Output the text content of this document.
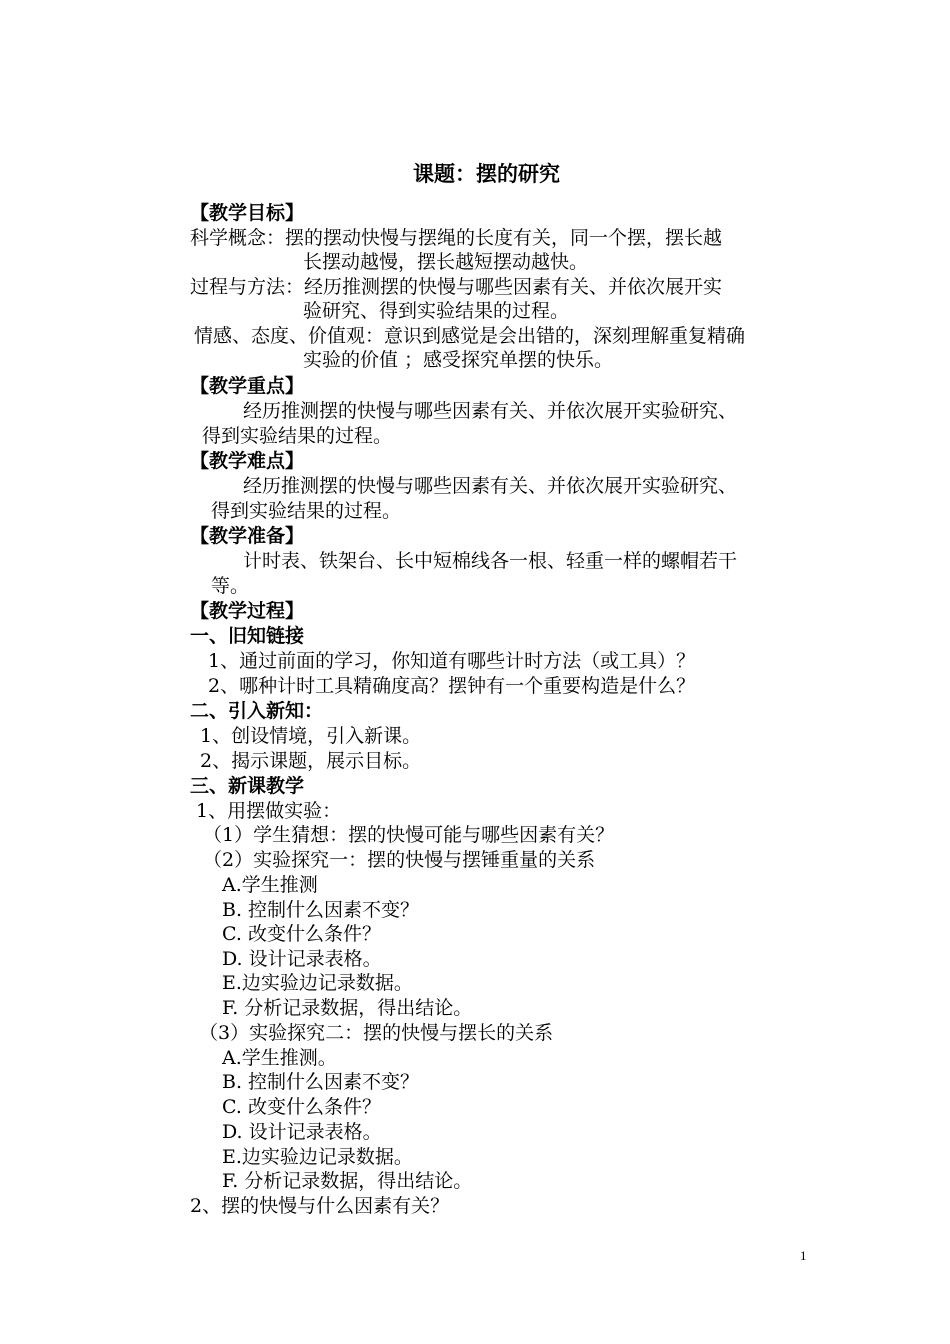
课题：摆的研究
【教学目标】
科学概念：摆的摆动快慢与摆绳的长度有关，同一个摆，摆长越
长摆动越慢，摆长越短摆动越快。
过程与方法：经历推测摆的快慢与哪些因素有关、并依次展开实
验研究、得到实验结果的过程。
情感、态度、价值观：意识到感觉是会出错的，深刻理解重复精确
实验的价值 ；感受探究单摆的快乐。
【教学重点】
经历推测摆的快慢与哪些因素有关、并依次展开实验研究、
得到实验结果的过程。
【教学难点】
经历推测摆的快慢与哪些因素有关、并依次展开实验研究、
得到实验结果的过程。
【教学准备】
计时表、铁架台、长中短棉线各一根、轻重一样的螺帽若干
等。
【教学过程】
一、旧知链接
1、通过前面的学习，你知道有哪些计时方法（或工具）？
2、哪种计时工具精确度高？摆钟有一个重要构造是什么？
二、引入新知：
1、创设情境，引入新课。
2、揭示课题，展示目标。
三、新课教学
1、用摆做实验：
（1）学生猜想：摆的快慢可能与哪些因素有关？
（2）实验探究一：摆的快慢与摆锤重量的关系
A.学生推测
B. 控制什么因素不变？
C. 改变什么条件？
D. 设计记录表格。
E.边实验边记录数据。
F. 分析记录数据，得出结论。
（3）实验探究二：摆的快慢与摆长的关系
A.学生推测。
B. 控制什么因素不变？
C. 改变什么条件？
D. 设计记录表格。
E.边实验边记录数据。
F. 分析记录数据，得出结论。
2、摆的快慢与什么因素有关？
1
